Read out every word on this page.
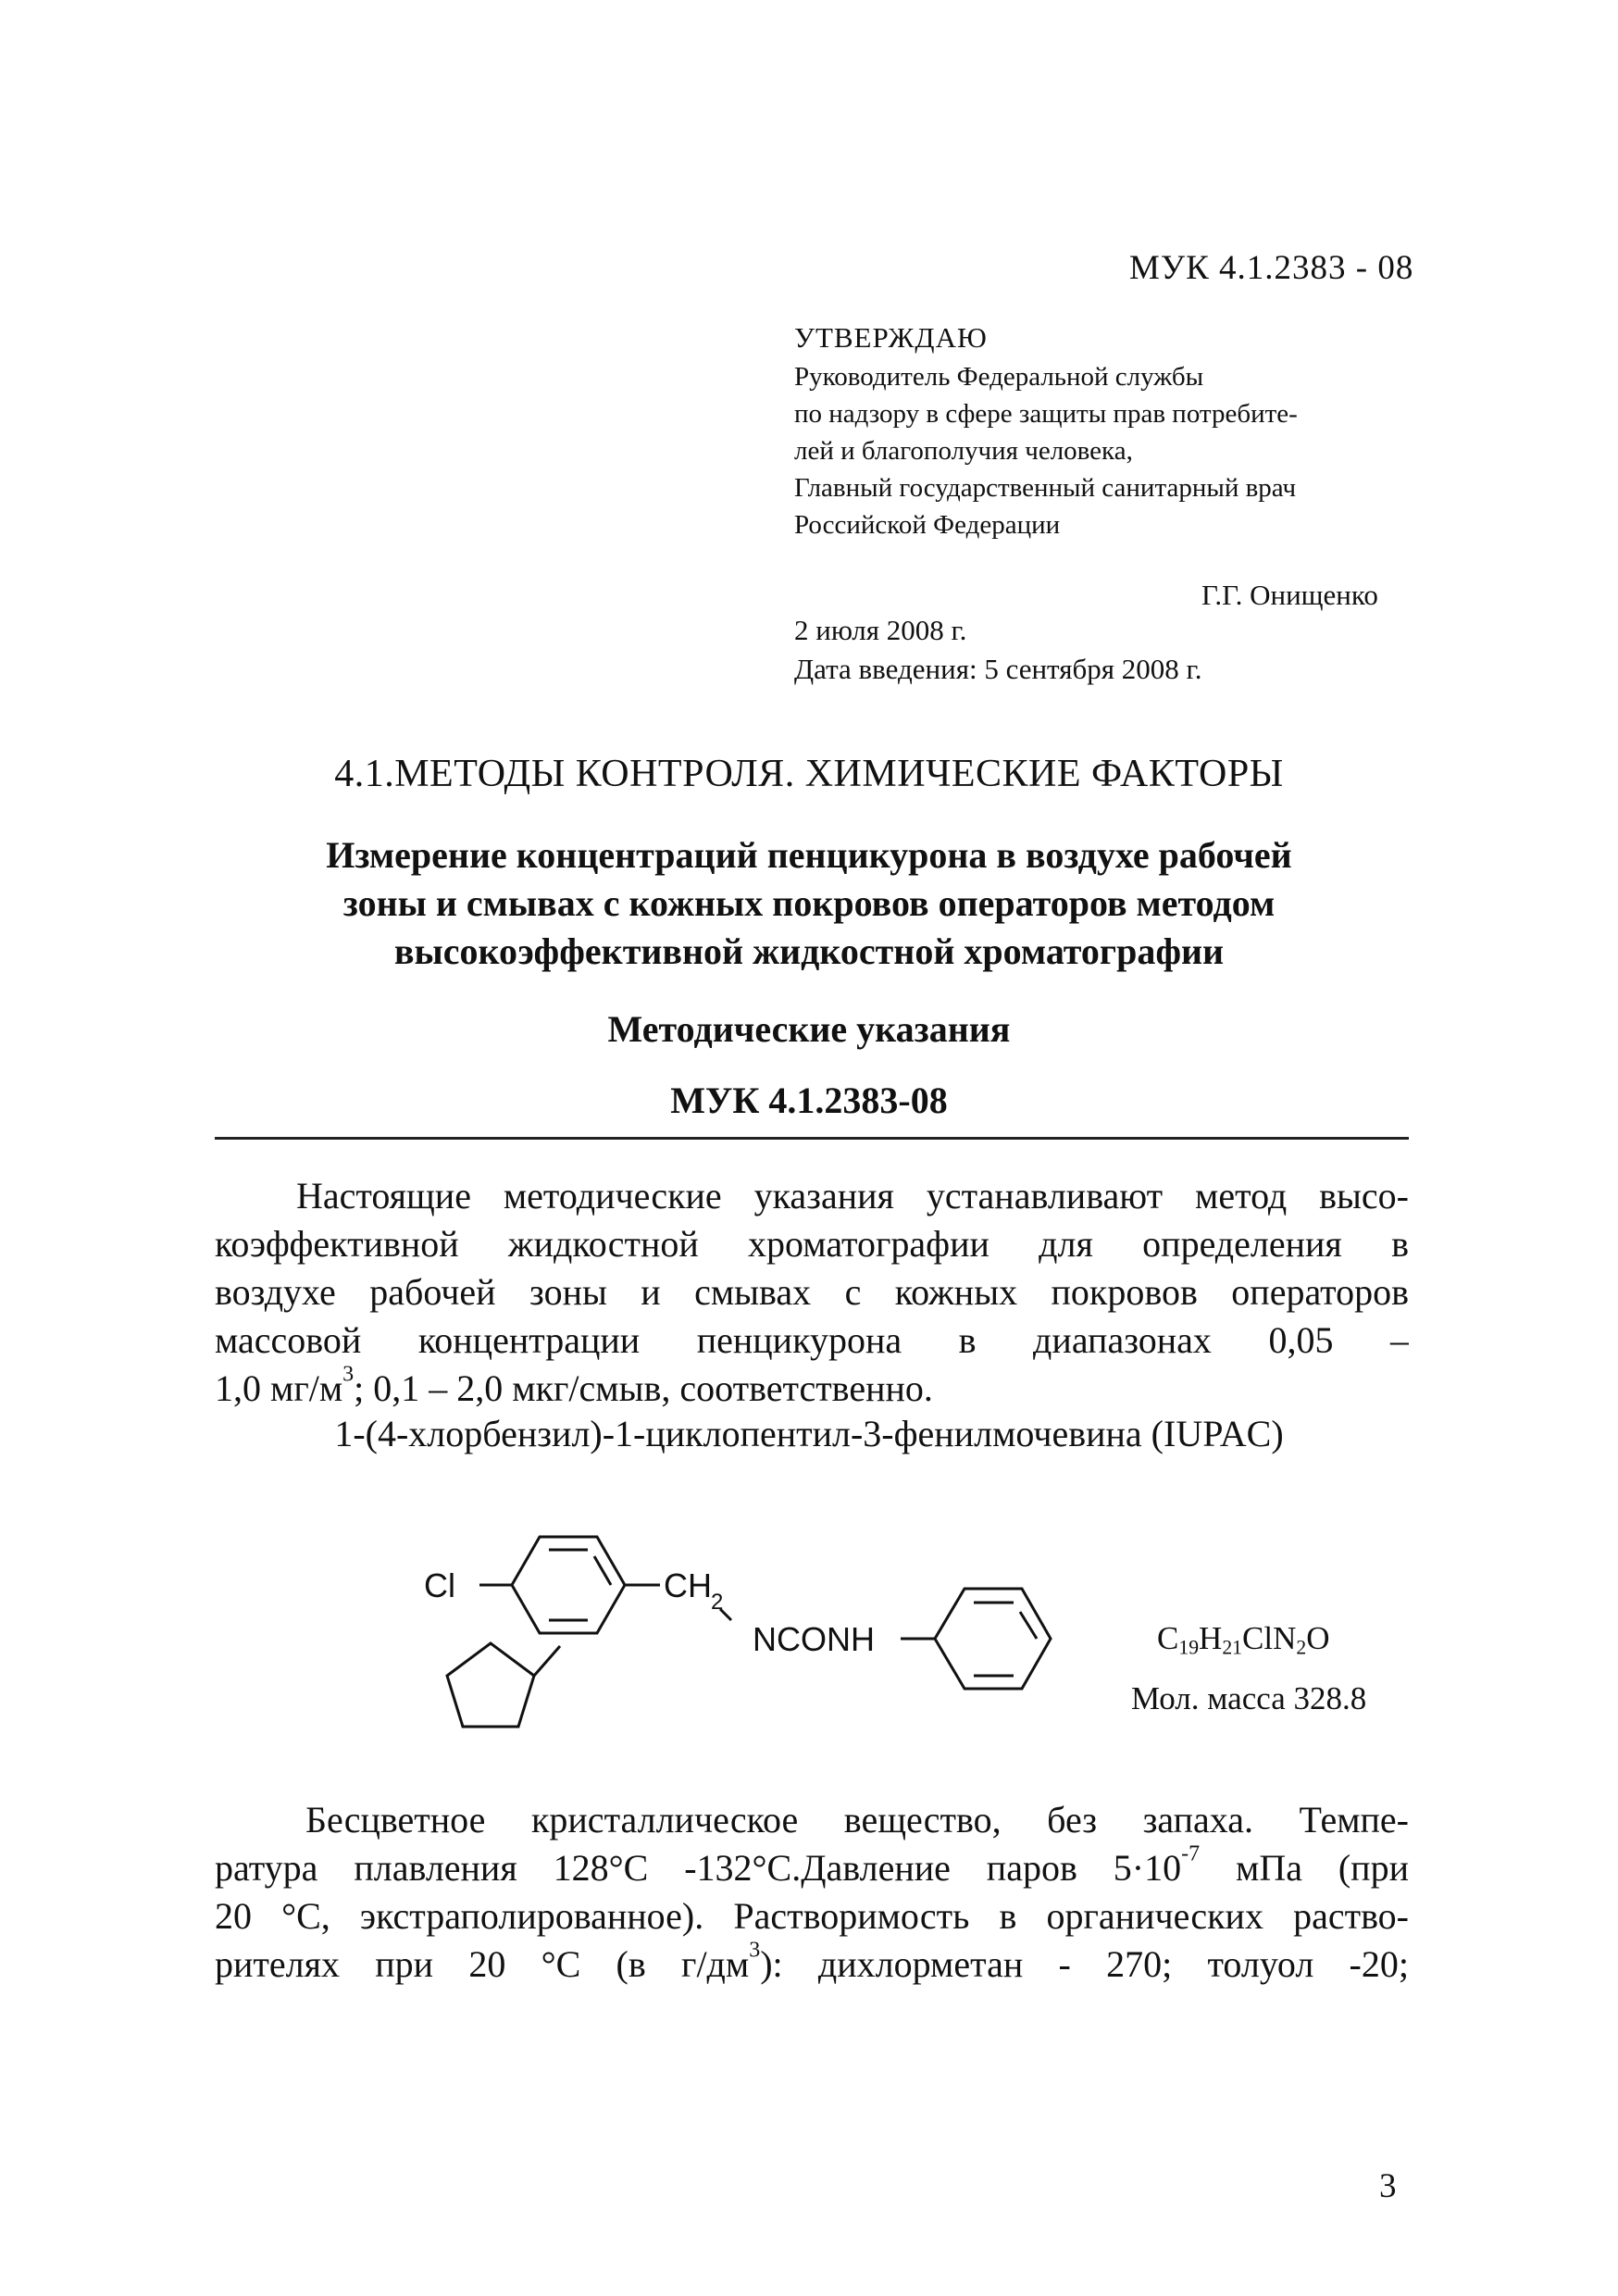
МУК 4.1.2383 - 08
УТВЕРЖДАЮ
Руководитель Федеральной службы
по надзору в сфере защиты прав потребите-
лей и благополучия человека,
Главный государственный санитарный врач
Российской Федерации
Г.Г. Онищенко
2 июля 2008 г.
Дата введения: 5 сентября 2008 г.
4.1.МЕТОДЫ КОНТРОЛЯ. ХИМИЧЕСКИЕ ФАКТОРЫ
Измерение концентраций пенцикурона в воздухе рабочей
зоны и смывах с кожных покровов операторов методом
высокоэффективной жидкостной хроматографии
Методические указания
МУК 4.1.2383-08
Настоящие методические указания устанавливают метод высо-
коэффективной жидкостной хроматографии для определения в
воздухе рабочей зоны и смывах с кожных покровов операторов
массовой концентрации пенцикурона в диапазонах 0,05 –
1,0 $мг/м^3$; 0,1 – 2,0 мкг/смыв, соответственно.
1-(4-хлорбензил)-1-циклопентил-3-фенилмочевина (IUPAC)
Cl	CH 2
NCONH	$C_{19}H_{21}ClN_2O$
Мол. масса 328.8
Бесцветное кристаллическое вещество, без запаха. Темпе-
ратура плавления 128°С -132°С.Давление паров $5\cdot 10^{-7}$ мПа (при
20 °С, экстраполированное). Растворимость в органических раство-
рителях при 20 °С (в $г/дм^3$): дихлорметан - 270; толуол -20;
3
